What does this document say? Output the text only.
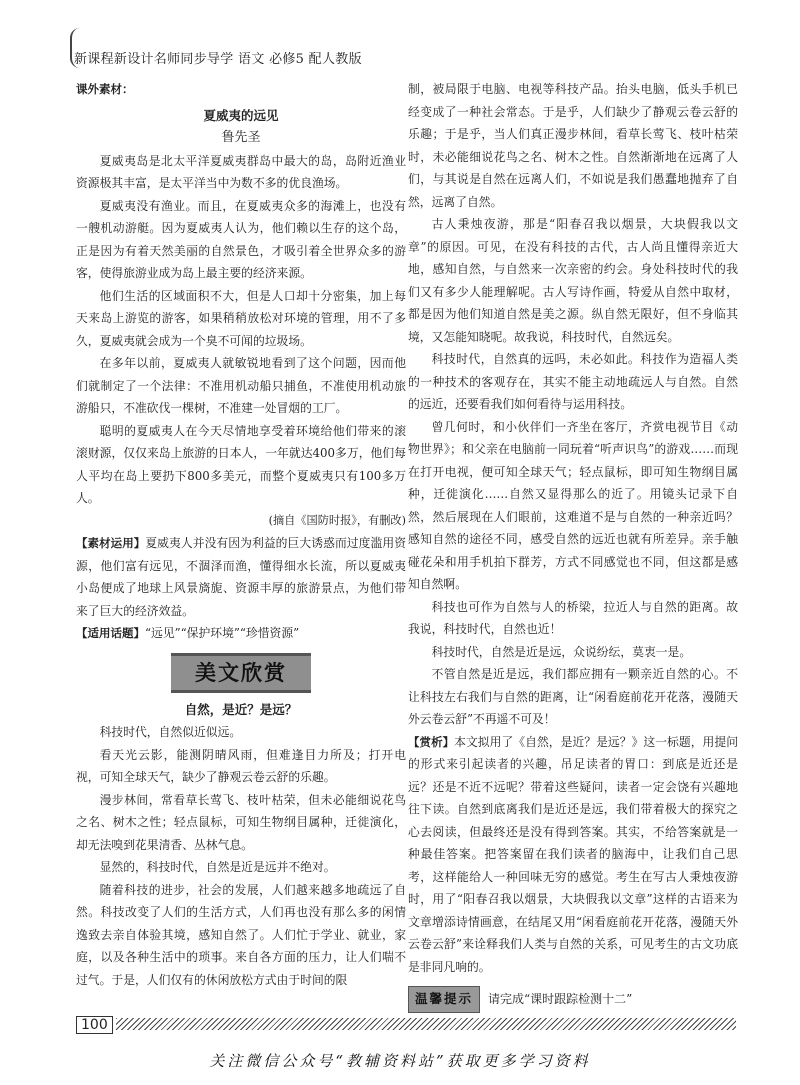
新课程新设计名师同步导学 语文 必修5 配人教版

课外素材：

夏威夷的远见

鲁先圣

夏威夷岛是北太平洋夏威夷群岛中最大的岛，岛附近渔业资源极其丰富，是太平洋当中为数不多的优良渔场。

夏威夷没有渔业。而且，在夏威夷众多的海滩上，也没有一艘机动游艇。因为夏威夷人认为，他们赖以生存的这个岛，正是因为有着天然美丽的自然景色，才吸引着全世界众多的游客，使得旅游业成为岛上最主要的经济来源。

他们生活的区域面积不大，但是人口却十分密集，加上每天来岛上游览的游客，如果稍稍放松对环境的管理，用不了多久，夏威夷就会成为一个臭不可闻的垃圾场。

在多年以前，夏威夷人就敏锐地看到了这个问题，因而他们就制定了一个法律：不准用机动船只捕鱼，不准使用机动旅游船只，不准砍伐一棵树，不准建一处冒烟的工厂。

聪明的夏威夷人在今天尽情地享受着环境给他们带来的滚滚财源，仅仅来岛上旅游的日本人，一年就达400多万，他们每人平均在岛上要扔下800多美元，而整个夏威夷只有100多万人。

(摘自《国防时报》，有删改)

【素材运用】夏威夷人并没有因为利益的巨大诱惑而过度滥用资源，他们富有远见，不涸泽而渔，懂得细水长流，所以夏威夷小岛便成了地球上风景旖旎、资源丰厚的旅游景点，为他们带来了巨大的经济效益。

【适用话题】“远见”“保护环境”“珍惜资源”

美文欣赏

自然，是近？是远？

科技时代，自然似近似远。

看天光云影，能测阴晴风雨，但难逢目力所及；打开电视，可知全球天气，缺少了静观云卷云舒的乐趣。

漫步林间，常看草长莺飞、枝叶枯荣，但未必能细说花鸟之名、树木之性；轻点鼠标，可知生物纲目属种，迁徙演化，却无法嗅到花果清香、丛林气息。

显然的，科技时代，自然是近是远并不绝对。

随着科技的进步，社会的发展，人们越来越多地疏远了自然。科技改变了人们的生活方式，人们再也没有那么多的闲情逸致去亲自体验其境，感知自然了。人们忙于学业、就业，家庭，以及各种生活中的琐事。来自各方面的压力，让人们喘不过气。于是，人们仅有的休闲放松方式由于时间的限

制，被局限于电脑、电视等科技产品。抬头电脑，低头手机已经变成了一种社会常态。于是乎，人们缺少了静观云卷云舒的乐趣；于是乎，当人们真正漫步林间，看草长莺飞、枝叶枯荣时，未必能细说花鸟之名、树木之性。自然渐渐地在远离了人们，与其说是自然在远离人们，不如说是我们愚蠢地抛弃了自然，远离了自然。

古人秉烛夜游，那是“阳春召我以烟景，大块假我以文章”的原因。可见，在没有科技的古代，古人尚且懂得亲近大地，感知自然，与自然来一次亲密的约会。身处科技时代的我们又有多少人能理解呢。古人写诗作画，特爱从自然中取材，都是因为他们知道自然是美之源。纵自然无限好，但不身临其境，又怎能知晓呢。故我说，科技时代，自然远矣。

科技时代，自然真的远吗，未必如此。科技作为造福人类的一种技术的客观存在，其实不能主动地疏远人与自然。自然的远近，还要看我们如何看待与运用科技。

曾几何时，和小伙伴们一齐坐在客厅，齐赏电视节目《动物世界》；和父亲在电脑前一同玩着“听声识鸟”的游戏……而现在打开电视，便可知全球天气；轻点鼠标，即可知生物纲目属种，迁徙演化……自然又显得那么的近了。用镜头记录下自然，然后展现在人们眼前，这难道不是与自然的一种亲近吗？感知自然的途径不同，感受自然的远近也就有所差异。亲手触碰花朵和用手机拍下群芳，方式不同感觉也不同，但这都是感知自然啊。

科技也可作为自然与人的桥梁，拉近人与自然的距离。故我说，科技时代，自然也近！

科技时代，自然是近是远，众说纷纭，莫衷一是。

不管自然是近是远，我们都应拥有一颗亲近自然的心。不让科技左右我们与自然的距离，让“闲看庭前花开花落，漫随天外云卷云舒”不再遥不可及！

【赏析】本文拟用了《自然，是近？是远？》这一标题，用提问的形式来引起读者的兴趣，吊足读者的胃口：到底是近还是远？还是不近不远呢？带着这些疑问，读者一定会饶有兴趣地往下读。自然到底离我们是近还是远，我们带着极大的探究之心去阅读，但最终还是没有得到答案。其实，不给答案就是一种最佳答案。把答案留在我们读者的脑海中，让我们自己思考，这样能给人一种回味无穷的感觉。考生在写古人秉烛夜游时，用了“阳春召我以烟景，大块假我以文章”这样的古语来为文章增添诗情画意，在结尾又用“闲看庭前花开花落，漫随天外云卷云舒”来诠释我们人类与自然的关系，可见考生的古文功底是非同凡响的。

温馨提示	请完成“课时跟踪检测十二”
100
关注微信公众号“教辅资料站”获取更多学习资料
